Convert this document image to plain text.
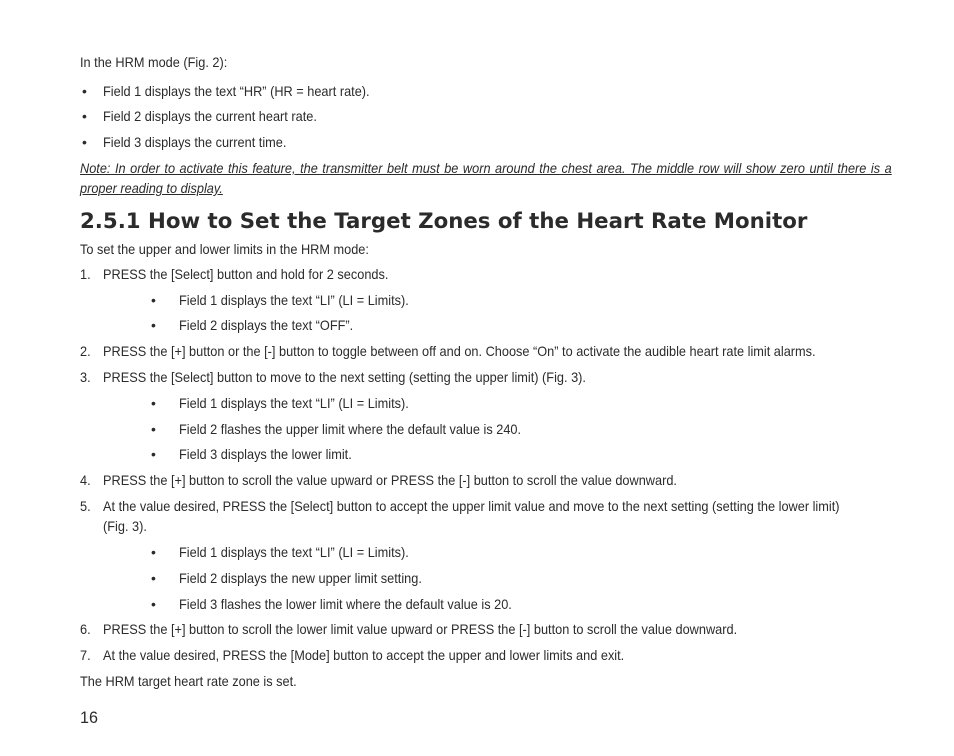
In the HRM mode (Fig. 2):
• Field 1 displays the text “HR” (HR = heart rate).
• Field 2 displays the current heart rate.
• Field 3 displays the current time.
Note: In order to activate this feature, the transmitter belt must be worn around the chest area. The middle row will show zero until there is a proper reading to display.
2.5.1 How to Set the Target Zones of the Heart Rate Monitor
To set the upper and lower limits in the HRM mode:
1. PRESS the [Select] button and hold for 2 seconds.
• Field 1 displays the text “LI” (LI = Limits).
• Field 2 displays the text “OFF”.
2. PRESS the [+] button or the [-] button to toggle between off and on. Choose “On” to activate the audible heart rate limit alarms.
3. PRESS the [Select] button to move to the next setting (setting the upper limit) (Fig. 3).
• Field 1 displays the text “LI” (LI = Limits).
• Field 2 flashes the upper limit where the default value is 240.
• Field 3 displays the lower limit.
4. PRESS the [+] button to scroll the value upward or PRESS the [-] button to scroll the value downward.
5. At the value desired, PRESS the [Select] button to accept the upper limit value and move to the next setting (setting the lower limit)
(Fig. 3).
• Field 1 displays the text “LI” (LI = Limits).
• Field 2 displays the new upper limit setting.
• Field 3 flashes the lower limit where the default value is 20.
6. PRESS the [+] button to scroll the lower limit value upward or PRESS the [-] button to scroll the value downward.
7. At the value desired, PRESS the [Mode] button to accept the upper and lower limits and exit.
The HRM target heart rate zone is set.
16
